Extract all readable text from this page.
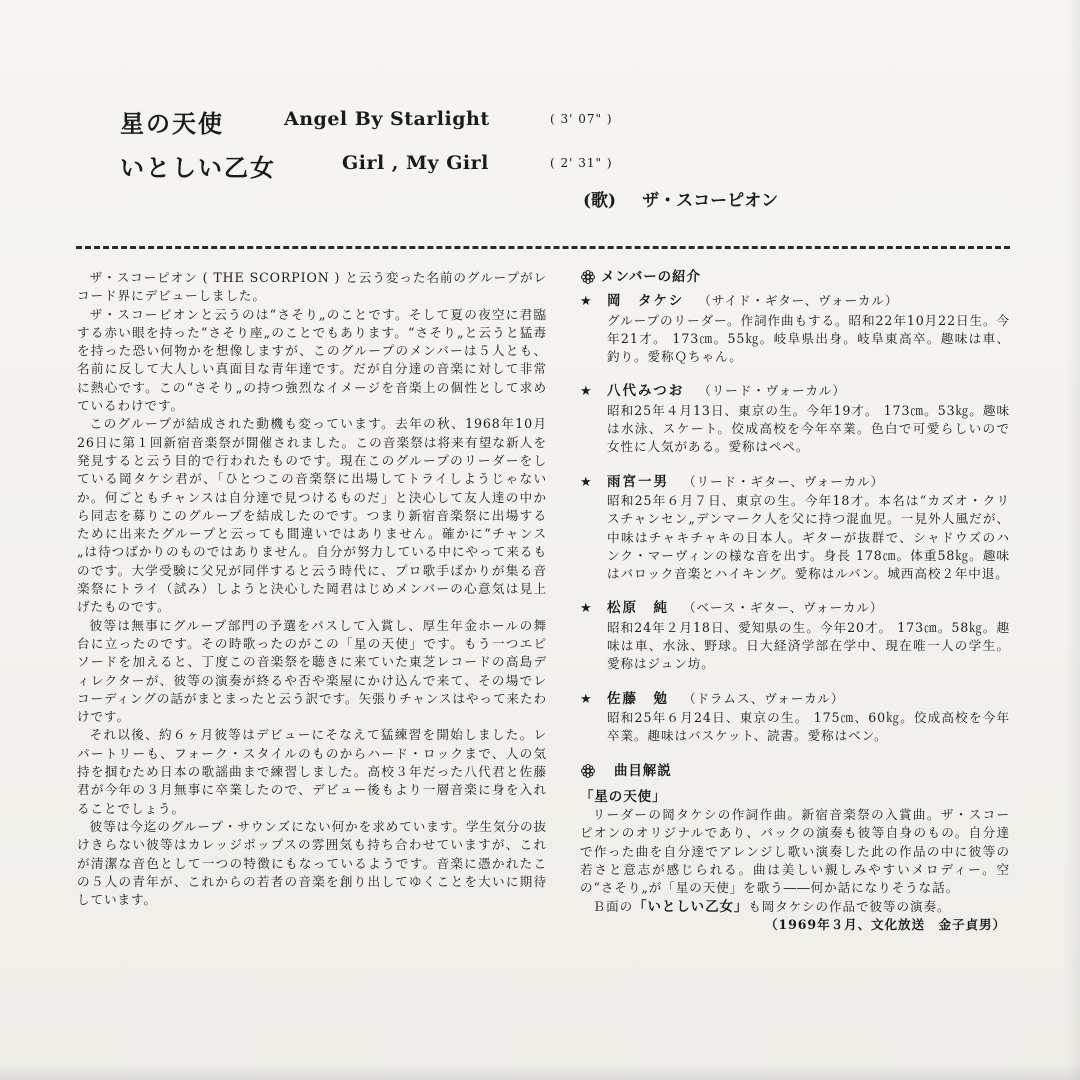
星の天使	Angel By Starlight	( 3' 07" )
いとしい乙女	Girl , My Girl	( 2' 31" )
(歌) ザ・スコーピオン

ザ・スコーピオン ( THE SCORPION ) と云う変った名前のグループがレコード界にデビューしました。

ザ・スコーピオンと云うのは“さそり„のことです。そして夏の夜空に君臨する赤い眼を持った“さそり座„のことでもあります。“さそり„と云うと猛毒を持った恐い何物かを想像しますが、このグループのメンバーは５人とも、名前に反して大人しい真面目な青年達です。だが自分達の音楽に対して非常に熱心です。この“さそり„の持つ強烈なイメージを音楽上の個性として求めているわけです。

このグループが結成された動機も変っています。去年の秋、1968年10月26日に第１回新宿音楽祭が開催されました。この音楽祭は将来有望な新人を発見すると云う目的で行われたものです。現在このグループのリーダーをしている岡タケシ君が、「ひとつこの音楽祭に出場してトライしようじゃないか。何ごともチャンスは自分達で見つけるものだ」と決心して友人達の中から同志を募りこのグループを結成したのです。つまり新宿音楽祭に出場するために出来たグループと云っても間違いではありません。確かに“チャンス„は待つばかりのものではありません。自分が努力している中にやって来るものです。大学受験に父兄が同伴すると云う時代に、プロ歌手ばかりが集る音楽祭にトライ（試み）しようと決心した岡君はじめメンバーの心意気は見上げたものです。

彼等は無事にグループ部門の予選をパスして入賞し、厚生年金ホールの舞台に立ったのです。その時歌ったのがこの「星の天使」です。もう一つエピソードを加えると、丁度この音楽祭を聴きに来ていた東芝レコードの高島ディレクターが、彼等の演奏が終るや否や楽屋にかけ込んで来て、その場でレコーディングの話がまとまったと云う訳です。矢張りチャンスはやって来たわけです。

それ以後、約６ヶ月彼等はデビューにそなえて猛練習を開始しました。レパートリーも、フォーク・スタイルのものからハード・ロックまで、人の気持を掴むため日本の歌謡曲まで練習しました。高校３年だった八代君と佐藤君が今年の３月無事に卒業したので、デビュー後もより一層音楽に身を入れることでしょう。

彼等は今迄のグループ・サウンズにない何かを求めています。学生気分の抜けきらない彼等はカレッジポップスの雰囲気も持ち合わせていますが、これが清潔な音色として一つの特徴にもなっているようです。音楽に憑かれたこの５人の青年が、これからの若者の音楽を創り出してゆくことを大いに期待しています。

メンバーの紹介
★	岡　タケシ （サイド・ギター、ヴォーカル）
グループのリーダー。作詞作曲もする。昭和22年10月22日生。今年21才。 173㎝。55㎏。岐阜県出身。岐阜東高卒。趣味は車、釣り。愛称Ｑちゃん。
★	八代みつお （リード・ヴォーカル）
昭和25年４月13日、東京の生。今年19才。 173㎝。53㎏。趣味は水泳、スケート。佼成高校を今年卒業。色白で可愛らしいので女性に人気がある。愛称はペペ。
★	雨宮一男 （リード・ギター、ヴォーカル）
昭和25年６月７日、東京の生。今年18才。本名は“カズオ・クリスチャンセン„デンマーク人を父に持つ混血児。一見外人風だが、中味はチャキチャキの日本人。ギターが抜群で、シャドウズのハンク・マーヴィンの様な音を出す。身長 178㎝。体重58㎏。趣味はバロック音楽とハイキング。愛称はルバン。城西高校２年中退。
★	松原　純 （ベース・ギター、ヴォーカル）
昭和24年２月18日、愛知県の生。今年20才。 173㎝。58㎏。趣味は車、水泳、野球。日大経済学部在学中、現在唯一人の学生。愛称はジュン坊。
★	佐藤　勉 （ドラムス、ヴォーカル）
昭和25年６月24日、東京の生。 175㎝、60㎏。佼成高校を今年卒業。趣味はバスケット、読書。愛称はベン。
曲目解説
「星の天使」

リーダーの岡タケシの作詞作曲。新宿音楽祭の入賞曲。ザ・スコーピオンのオリジナルであり、バックの演奏も彼等自身のもの。自分達で作った曲を自分達でアレンジし歌い演奏した此の作品の中に彼等の若さと意志が感じられる。曲は美しい親しみやすいメロディー。空の“さそり„が「星の天使」を歌う――何か話になりそうな話。

Ｂ面の「いとしい乙女」も岡タケシの作品で彼等の演奏。

（1969年３月、文化放送　金子貞男）
